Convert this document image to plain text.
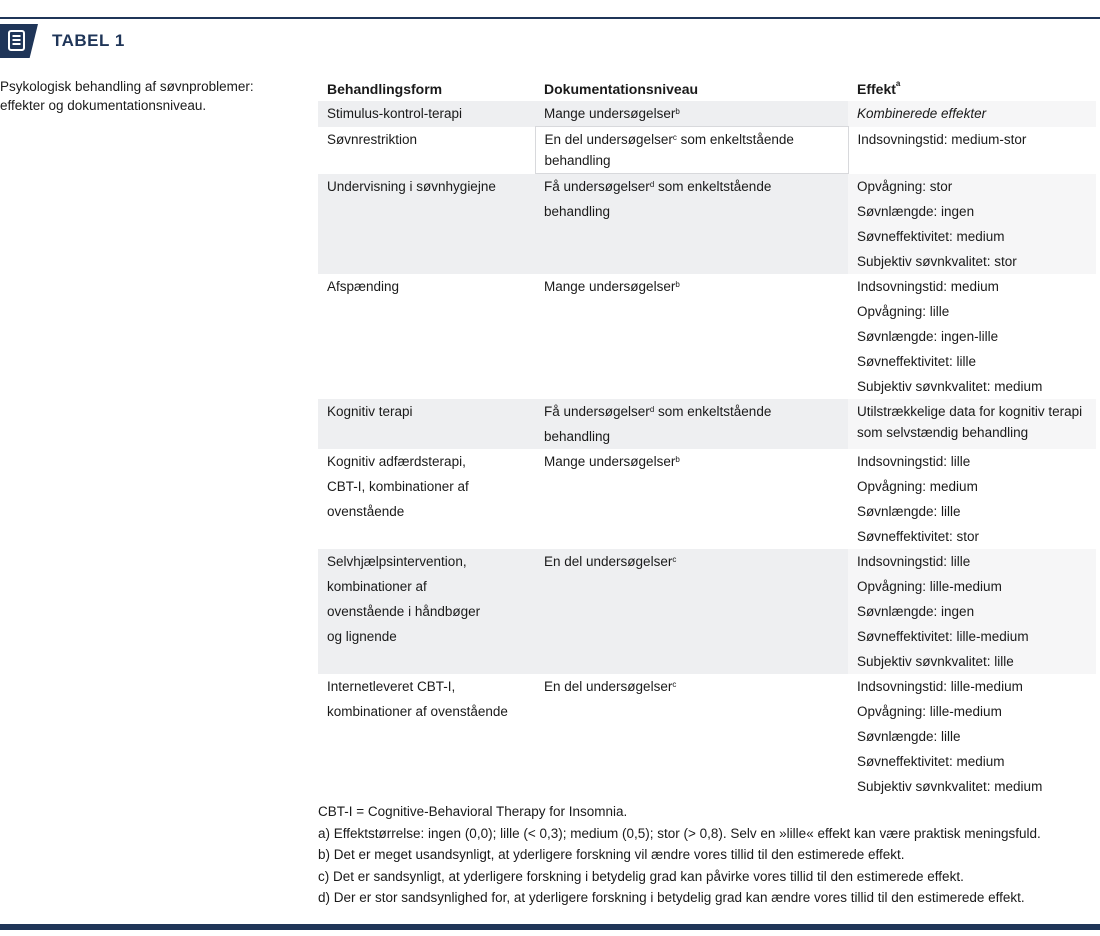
TABEL 1
Psykologisk behandling af søvnproblemer: effekter og dokumentationsniveau.
Behandlingsform	Dokumentationsniveau	Effekt$^a$

Stimulus-kontrol-terapi	Mange undersøgelser$^b$	Kombinerede effekter

Søvnrestriktion	En del undersøgelser$^c$ som enkeltstående behandling	Indsovningstid: medium-stor

Undervisning i søvnhygiejne	Få undersøgelser$^d$ som enkeltstående behandling	Opvågning: stor
Søvnlængde: ingen
Søvneffektivitet: medium
Subjektiv søvnkvalitet: stor

Afspænding	Mange undersøgelser$^b$	Indsovningstid: medium
Opvågning: lille
Søvnlængde: ingen-lille
Søvneffektivitet: lille
Subjektiv søvnkvalitet: medium

Kognitiv terapi	Få undersøgelser$^d$ som enkeltstående behandling	Utilstrækkelige data for kognitiv terapi
som selvstændig behandling

Kognitiv adfærdsterapi,
CBT-I, kombinationer af
ovenstående	Mange undersøgelser$^b$	Indsovningstid: lille
Opvågning: medium
Søvnlængde: lille
Søvneffektivitet: stor

Selvhjælpsintervention,
kombinationer af
ovenstående i håndbøger
og lignende	En del undersøgelser$^c$	Indsovningstid: lille
Opvågning: lille-medium
Søvnlængde: ingen
Søvneffektivitet: lille-medium
Subjektiv søvnkvalitet: lille

Internetleveret CBT-I,
kombinationer af ovenstående	En del undersøgelser$^c$	Indsovningstid: lille-medium
Opvågning: lille-medium
Søvnlængde: lille
Søvneffektivitet: medium
Subjektiv søvnkvalitet: medium
CBT-I = Cognitive-Behavioral Therapy for Insomnia.
a) Effektstørrelse: ingen (0,0); lille (< 0,3); medium (0,5); stor (> 0,8). Selv en »lille« effekt kan være praktisk meningsfuld.
b) Det er meget usandsynligt, at yderligere forskning vil ændre vores tillid til den estimerede effekt.
c) Det er sandsynligt, at yderligere forskning i betydelig grad kan påvirke vores tillid til den estimerede effekt.
d) Der er stor sandsynlighed for, at yderligere forskning i betydelig grad kan ændre vores tillid til den estimerede effekt.
